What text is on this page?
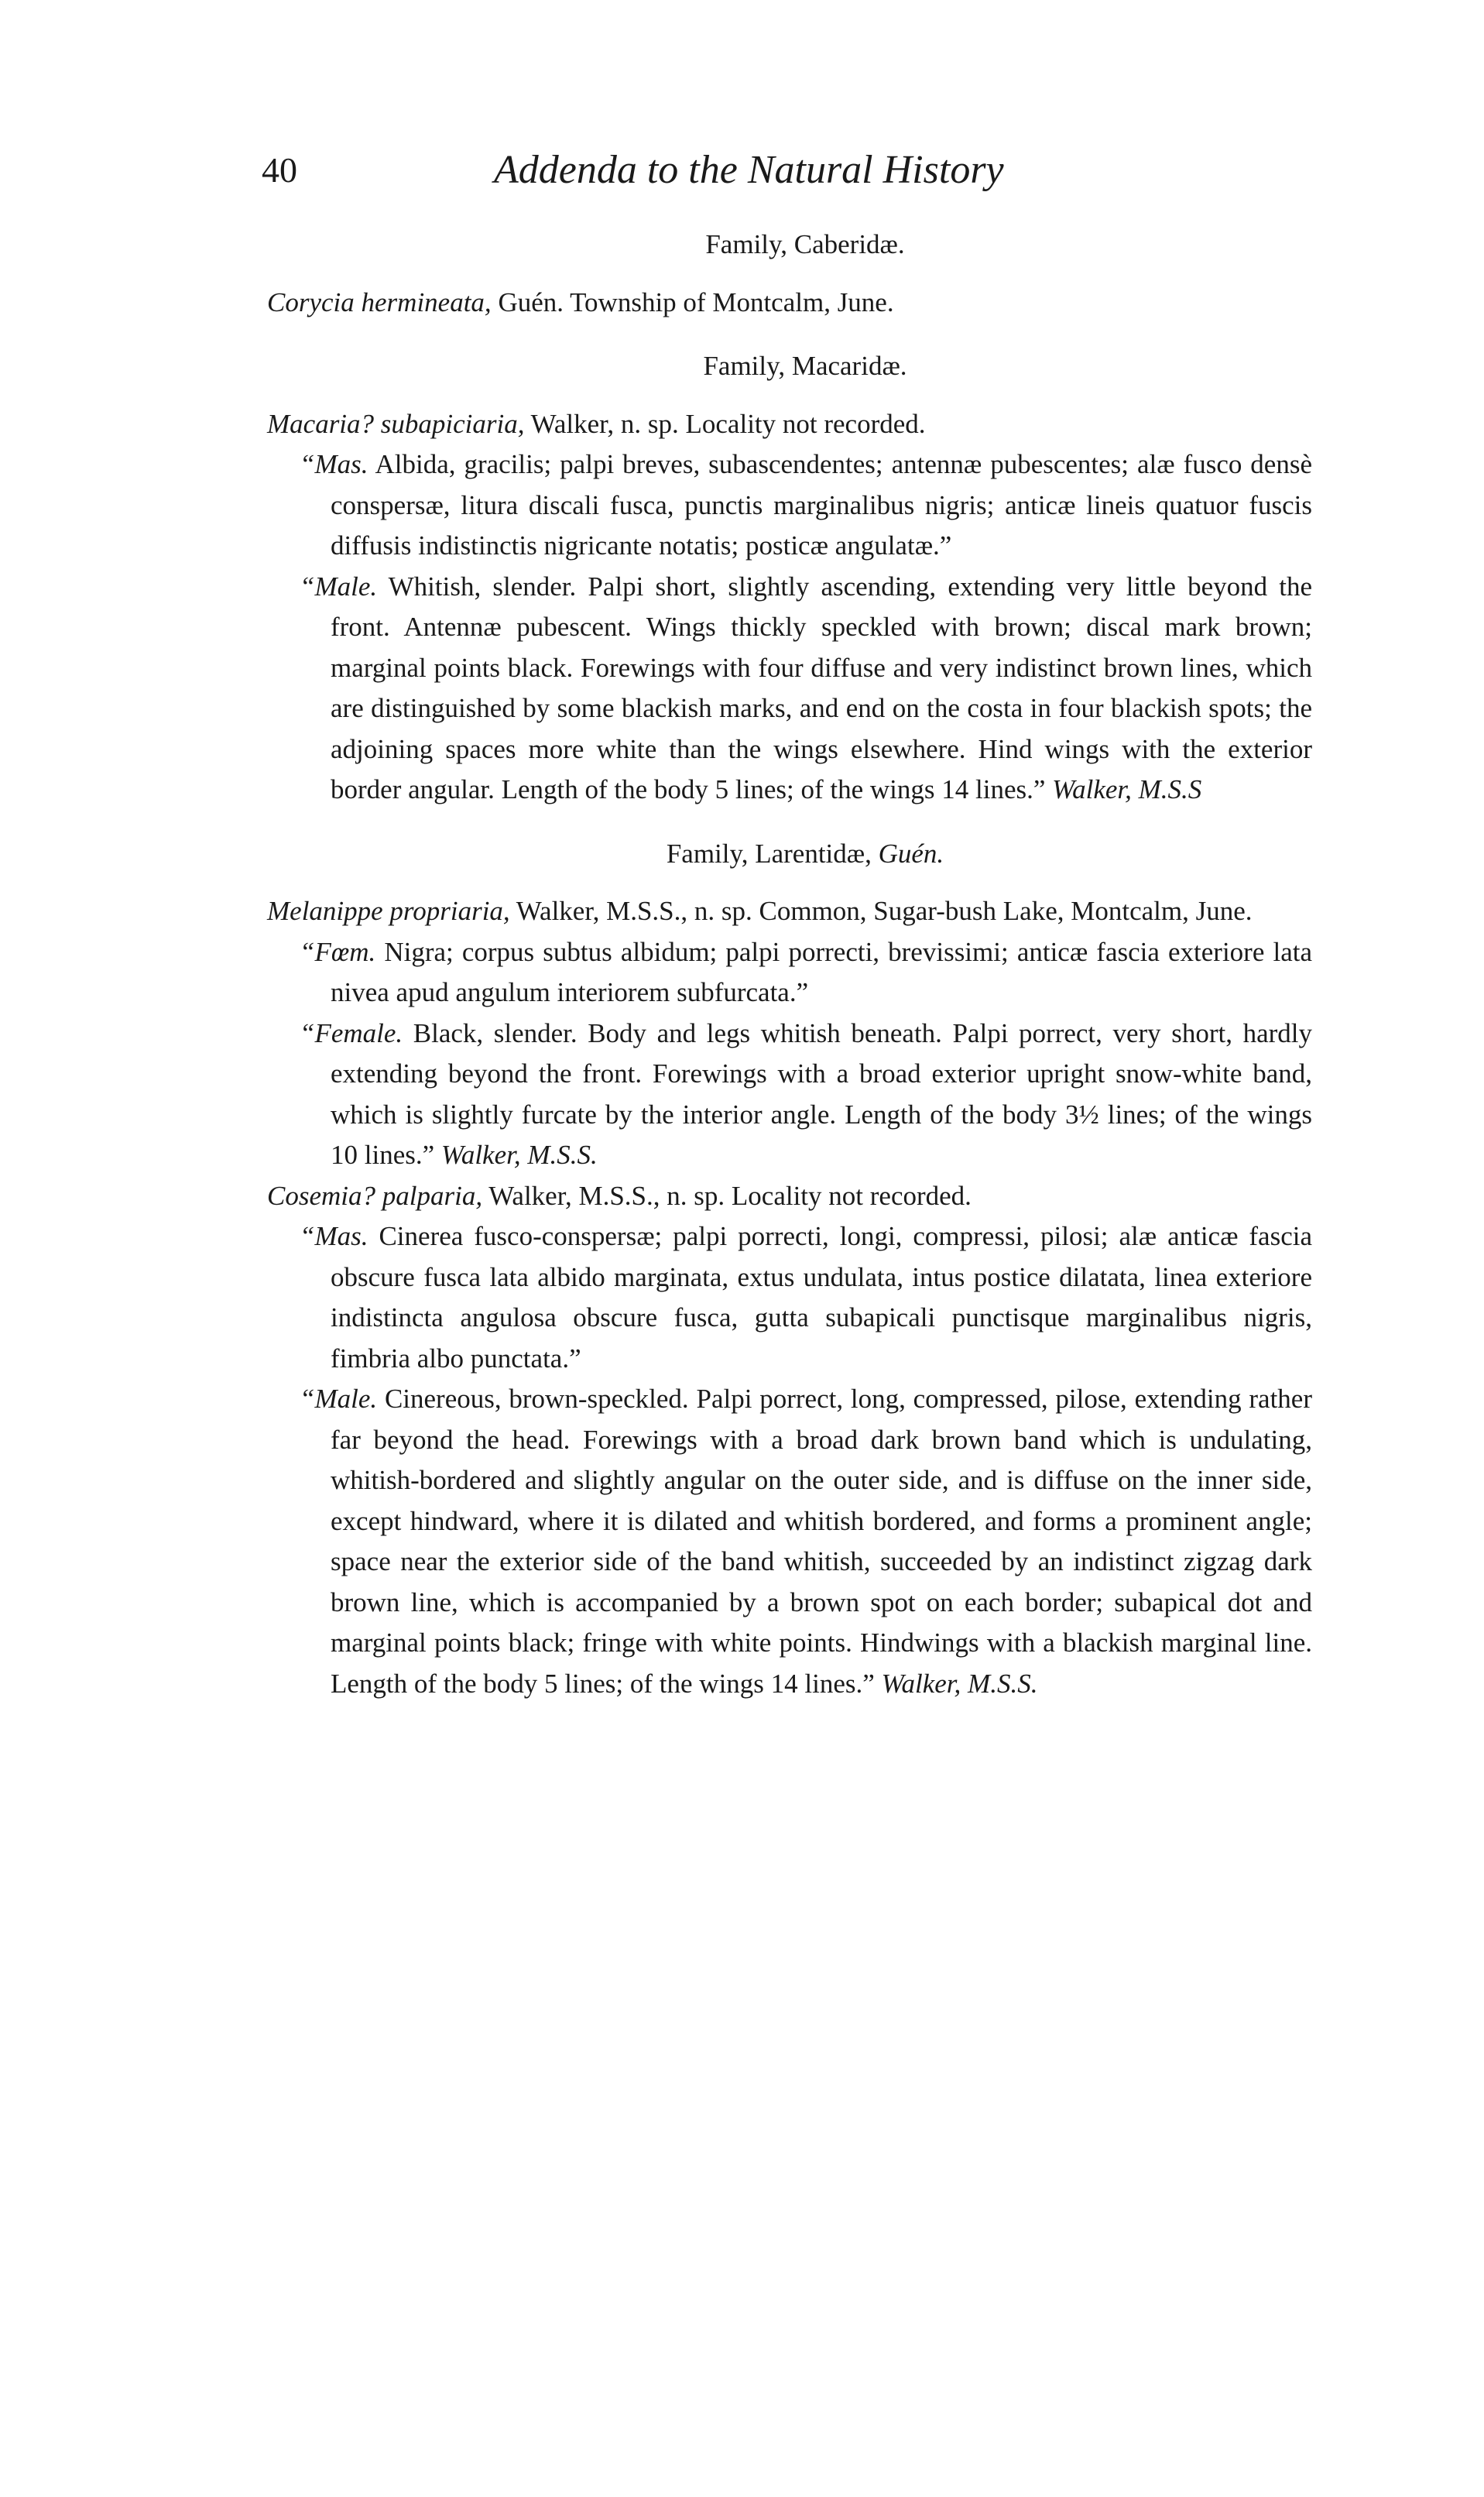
40	Addenda to the Natural History

Family, Caberidæ.

Corycia hermineata, Guén. Township of Montcalm, June.

Family, Macaridæ.

Macaria? subapiciaria, Walker, n. sp. Locality not recorded.

“Mas. Albida, gracilis; palpi breves, subascendentes; antennæ pubescentes; alæ fusco densè conspersæ, litura discali fusca, punctis marginalibus nigris; anticæ lineis quatuor fuscis diffusis indistinctis nigricante notatis; posticæ angulatæ.”

“Male. Whitish, slender. Palpi short, slightly ascending, extending very little beyond the front. Antennæ pubescent. Wings thickly speckled with brown; discal mark brown; marginal points black. Forewings with four diffuse and very indistinct brown lines, which are distinguished by some blackish marks, and end on the costa in four blackish spots; the adjoining spaces more white than the wings elsewhere. Hind wings with the exterior border angular. Length of the body 5 lines; of the wings 14 lines.” Walker, M.S.S

Family, Larentidæ, Guén.

Melanippe propriaria, Walker, M.S.S., n. sp. Common, Sugar-bush Lake, Montcalm, June.

“Fœm. Nigra; corpus subtus albidum; palpi porrecti, brevissimi; anticæ fascia exteriore lata nivea apud angulum interiorem subfurcata.”

“Female. Black, slender. Body and legs whitish beneath. Palpi porrect, very short, hardly extending beyond the front. Forewings with a broad exterior upright snow-white band, which is slightly furcate by the interior angle. Length of the body 3½ lines; of the wings 10 lines.” Walker, M.S.S.

Cosemia? palparia, Walker, M.S.S., n. sp. Locality not recorded.

“Mas. Cinerea fusco-conspersæ; palpi porrecti, longi, compressi, pilosi; alæ anticæ fascia obscure fusca lata albido marginata, extus undulata, intus postice dilatata, linea exteriore indistincta angulosa obscure fusca, gutta subapicali punctisque marginalibus nigris, fimbria albo punctata.”

“Male. Cinereous, brown-speckled. Palpi porrect, long, compressed, pilose, extending rather far beyond the head. Forewings with a broad dark brown band which is undulating, whitish-bordered and slightly angular on the outer side, and is diffuse on the inner side, except hindward, where it is dilated and whitish bordered, and forms a prominent angle; space near the exterior side of the band whitish, succeeded by an indistinct zigzag dark brown line, which is accompanied by a brown spot on each border; subapical dot and marginal points black; fringe with white points. Hindwings with a blackish marginal line. Length of the body 5 lines; of the wings 14 lines.” Walker, M.S.S.
